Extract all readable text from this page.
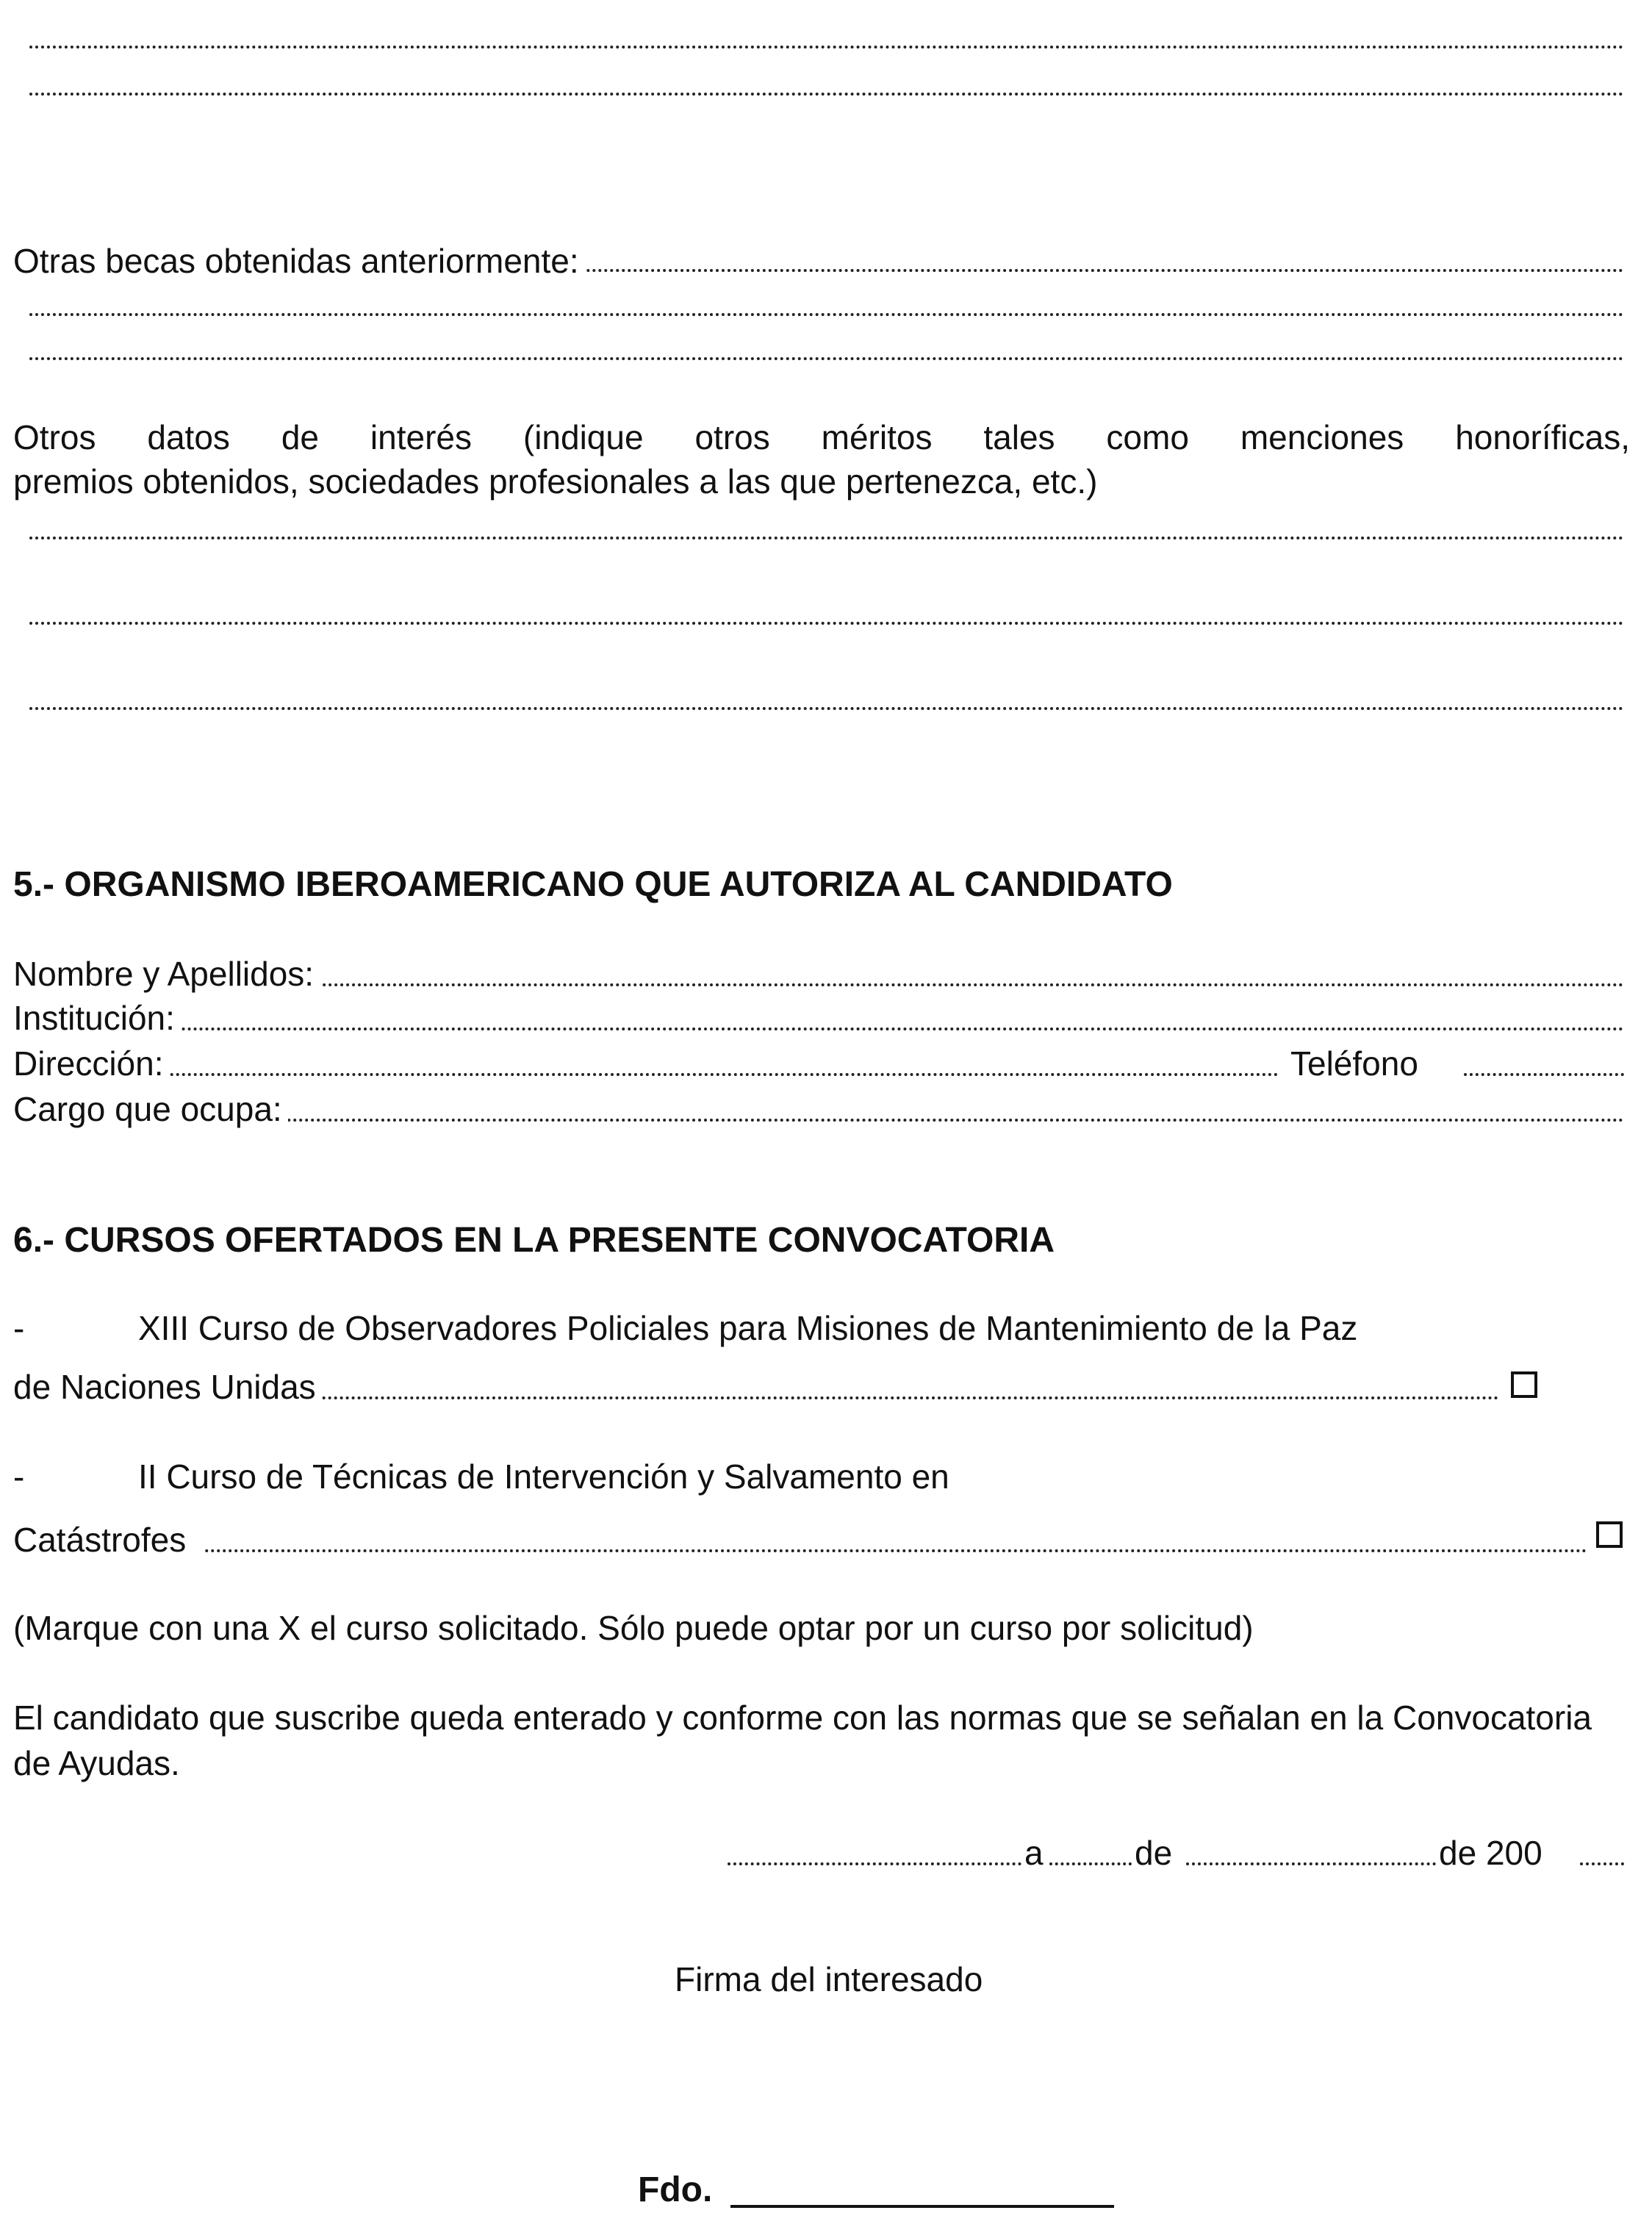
Otras becas obtenidas anteriormente:
Otros datos de interés (indique otros méritos tales como menciones honoríficas,
premios obtenidos, sociedades profesionales a las que pertenezca, etc.)
5.- ORGANISMO IBEROAMERICANO QUE AUTORIZA AL CANDIDATO
Nombre y Apellidos:
Institución:
Dirección:	Teléfono
Cargo que ocupa:
6.- CURSOS OFERTADOS EN LA PRESENTE CONVOCATORIA
-	XIII Curso de Observadores Policiales para Misiones de Mantenimiento de la Paz
de Naciones Unidas
-	II Curso de Técnicas de Intervención y Salvamento en
Catástrofes
(Marque con una X el curso solicitado. Sólo puede optar por un curso por solicitud)
El candidato que suscribe queda enterado y conforme con las normas que se señalan en la Convocatoria de Ayudas.
a	de	de 200
Firma del interesado
Fdo.
